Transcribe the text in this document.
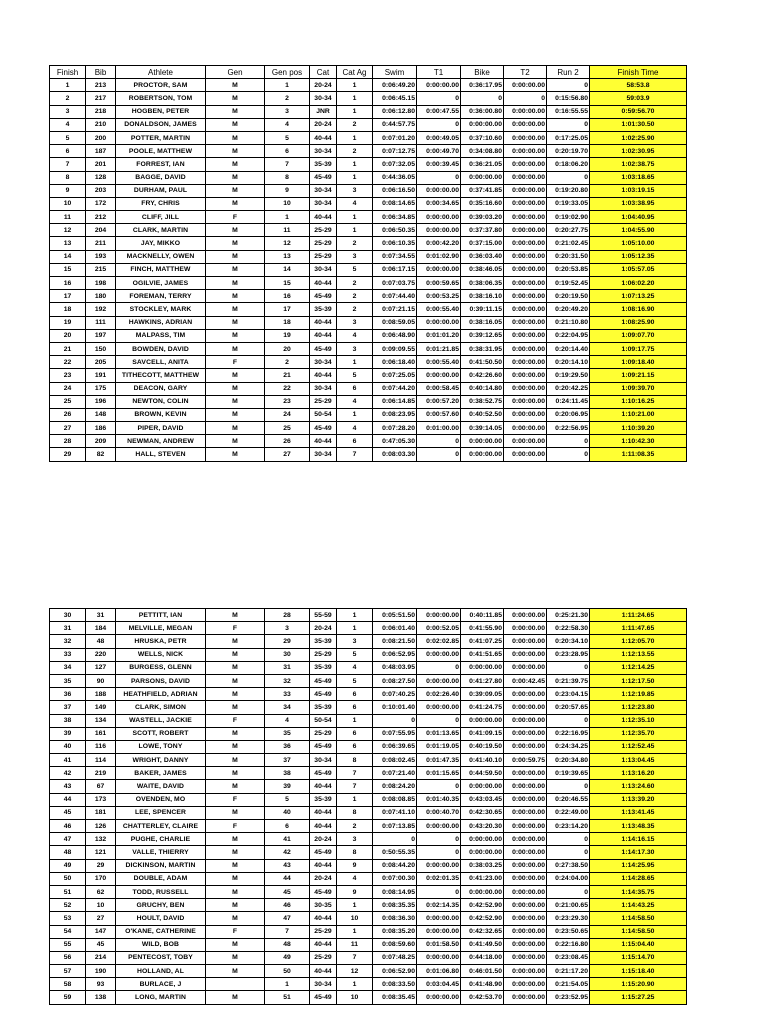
Finish	Bib	Athlete	Gen	Gen pos	Cat	Cat Ag	Swim	T1	Bike	T2	Run 2	Finish Time
1	213	PROCTOR, SAM	M	1	20-24	1	0:06:49.20	0:00:00.00	0:36:17.95	0:00:00.00	0	58:53.8
2	217	ROBERTSON, TOM	M	2	30-34	1	0:06:45.15	0	0	0	0:15:56.80	59:03.9
3	218	HOGBEN, PETER	M	3	JNR	1	0:06:12.80	0:00:47.55	0:36:00.80	0:00:00.00	0:16:55.55	0:59:56.70
4	210	DONALDSON, JAMES	M	4	20-24	2	0:44:57.75	0	0:00:00.00	0:00:00.00	0	1:01:30.50
5	200	POTTER, MARTIN	M	5	40-44	1	0:07:01.20	0:00:49.05	0:37:10.60	0:00:00.00	0:17:25.05	1:02:25.90
6	187	POOLE, MATTHEW	M	6	30-34	2	0:07:12.75	0:00:49.70	0:34:08.80	0:00:00.00	0:20:19.70	1:02:30.95
7	201	FORREST, IAN	M	7	35-39	1	0:07:32.05	0:00:39.45	0:36:21.05	0:00:00.00	0:18:06.20	1:02:38.75
8	128	BAGGE, DAVID	M	8	45-49	1	0:44:36.05	0	0:00:00.00	0:00:00.00	0	1:03:18.65
9	203	DURHAM, PAUL	M	9	30-34	3	0:06:16.50	0:00:00.00	0:37:41.85	0:00:00.00	0:19:20.80	1:03:19.15
10	172	FRY, CHRIS	M	10	30-34	4	0:08:14.65	0:00:34.65	0:35:16.60	0:00:00.00	0:19:33.05	1:03:38.95
11	212	CLIFF, JILL	F	1	40-44	1	0:06:34.85	0:00:00.00	0:39:03.20	0:00:00.00	0:19:02.90	1:04:40.95
12	204	CLARK, MARTIN	M	11	25-29	1	0:06:50.35	0:00:00.00	0:37:37.80	0:00:00.00	0:20:27.75	1:04:55.90
13	211	JAY, MIKKO	M	12	25-29	2	0:06:10.35	0:00:42.20	0:37:15.00	0:00:00.00	0:21:02.45	1:05:10.00
14	193	MACKNELLY, OWEN	M	13	25-29	3	0:07:34.55	0:01:02.90	0:36:03.40	0:00:00.00	0:20:31.50	1:05:12.35
15	215	FINCH, MATTHEW	M	14	30-34	5	0:06:17.15	0:00:00.00	0:38:46.05	0:00:00.00	0:20:53.85	1:05:57.05
16	198	OGILVIE, JAMES	M	15	40-44	2	0:07:03.75	0:00:59.65	0:38:06.35	0:00:00.00	0:19:52.45	1:06:02.20
17	180	FOREMAN, TERRY	M	16	45-49	2	0:07:44.40	0:00:53.25	0:38:16.10	0:00:00.00	0:20:19.50	1:07:13.25
18	192	STOCKLEY, MARK	M	17	35-39	2	0:07:21.15	0:00:55.40	0:39:11.15	0:00:00.00	0:20:49.20	1:08:16.90
19	111	HAWKINS, ADRIAN	M	18	40-44	3	0:08:59.05	0:00:00.00	0:38:16.05	0:00:00.00	0:21:10.80	1:08:25.90
20	197	MALPASS, TIM	M	19	40-44	4	0:06:48.90	0:01:01.20	0:39:12.65	0:00:00.00	0:22:04.95	1:09:07.70
21	150	BOWDEN, DAVID	M	20	45-49	3	0:09:09.55	0:01:21.85	0:38:31.95	0:00:00.00	0:20:14.40	1:09:17.75
22	205	SAVCELL, ANITA	F	2	30-34	1	0:06:18.40	0:00:55.40	0:41:50.50	0:00:00.00	0:20:14.10	1:09:18.40
23	191	TITHECOTT, MATTHEW	M	21	40-44	5	0:07:25.05	0:00:00.00	0:42:26.60	0:00:00.00	0:19:29.50	1:09:21.15
24	175	DEACON, GARY	M	22	30-34	6	0:07:44.20	0:00:58.45	0:40:14.80	0:00:00.00	0:20:42.25	1:09:39.70
25	196	NEWTON, COLIN	M	23	25-29	4	0:06:14.85	0:00:57.20	0:38:52.75	0:00:00.00	0:24:11.45	1:10:16.25
26	148	BROWN, KEVIN	M	24	50-54	1	0:08:23.95	0:00:57.60	0:40:52.50	0:00:00.00	0:20:06.95	1:10:21.00
27	186	PIPER, DAVID	M	25	45-49	4	0:07:28.20	0:01:00.00	0:39:14.05	0:00:00.00	0:22:56.95	1:10:39.20
28	209	NEWMAN, ANDREW	M	26	40-44	6	0:47:05.30	0	0:00:00.00	0:00:00.00	0	1:10:42.30
29	82	HALL, STEVEN	M	27	30-34	7	0:08:03.30	0	0:00:00.00	0:00:00.00	0	1:11:08.35
30	31	PETTITT, IAN	M	28	55-59	1	0:05:51.50	0:00:00.00	0:40:11.85	0:00:00.00	0:25:21.30	1:11:24.65
31	184	MELVILLE, MEGAN	F	3	20-24	1	0:06:01.40	0:00:52.05	0:41:55.90	0:00:00.00	0:22:58.30	1:11:47.65
32	48	HRUSKA, PETR	M	29	35-39	3	0:08:21.50	0:02:02.85	0:41:07.25	0:00:00.00	0:20:34.10	1:12:05.70
33	220	WELLS, NICK	M	30	25-29	5	0:06:52.95	0:00:00.00	0:41:51.65	0:00:00.00	0:23:28.95	1:12:13.55
34	127	BURGESS, GLENN	M	31	35-39	4	0:48:03.95	0	0:00:00.00	0:00:00.00	0	1:12:14.25
35	90	PARSONS, DAVID	M	32	45-49	5	0:08:27.50	0:00:00.00	0:41:27.80	0:00:42.45	0:21:39.75	1:12:17.50
36	188	HEATHFIELD, ADRIAN	M	33	45-49	6	0:07:40.25	0:02:26.40	0:39:09.05	0:00:00.00	0:23:04.15	1:12:19.85
37	149	CLARK, SIMON	M	34	35-39	6	0:10:01.40	0:00:00.00	0:41:24.75	0:00:00.00	0:20:57.65	1:12:23.80
38	134	WASTELL, JACKIE	F	4	50-54	1	0	0	0:00:00.00	0:00:00.00	0	1:12:35.10
39	161	SCOTT, ROBERT	M	35	25-29	6	0:07:55.95	0:01:13.65	0:41:09.15	0:00:00.00	0:22:16.95	1:12:35.70
40	116	LOWE, TONY	M	36	45-49	6	0:06:39.65	0:01:19.05	0:40:19.50	0:00:00.00	0:24:34.25	1:12:52.45
41	114	WRIGHT, DANNY	M	37	30-34	8	0:08:02.45	0:01:47.35	0:41:40.10	0:00:59.75	0:20:34.80	1:13:04.45
42	219	BAKER, JAMES	M	38	45-49	7	0:07:21.40	0:01:15.65	0:44:59.50	0:00:00.00	0:19:39.65	1:13:16.20
43	67	WAITE, DAVID	M	39	40-44	7	0:08:24.20	0	0:00:00.00	0:00:00.00	0	1:13:24.60
44	173	OVENDEN, MO	F	5	35-39	1	0:08:08.85	0:01:40.35	0:43:03.45	0:00:00.00	0:20:46.55	1:13:39.20
45	181	LEE, SPENCER	M	40	40-44	8	0:07:41.10	0:00:40.70	0:42:30.65	0:00:00.00	0:22:49.00	1:13:41.45
46	126	CHATTERLEY, CLAIRE	F	6	40-44	2	0:07:13.85	0:00:00.00	0:43:20.30	0:00:00.00	0:23:14.20	1:13:48.35
47	132	PUGHE, CHARLIE	M	41	20-24	3	0	0	0:00:00.00	0:00:00.00	0	1:14:16.15
48	121	VALLE, THIERRY	M	42	45-49	8	0:50:55.35	0	0:00:00.00	0:00:00.00	0	1:14:17.30
49	29	DICKINSON, MARTIN	M	43	40-44	9	0:08:44.20	0:00:00.00	0:38:03.25	0:00:00.00	0:27:38.50	1:14:25.95
50	170	DOUBLE, ADAM	M	44	20-24	4	0:07:00.30	0:02:01.35	0:41:23.00	0:00:00.00	0:24:04.00	1:14:28.65
51	62	TODD, RUSSELL	M	45	45-49	9	0:08:14.95	0	0:00:00.00	0:00:00.00	0	1:14:35.75
52	10	GRUCHY, BEN	M	46	30-35	1	0:08:35.35	0:02:14.35	0:42:52.90	0:00:00.00	0:21:00.65	1:14:43.25
53	27	HOULT, DAVID	M	47	40-44	10	0:08:36.30	0:00:00.00	0:42:52.90	0:00:00.00	0:23:29.30	1:14:58.50
54	147	O'KANE, CATHERINE	F	7	25-29	1	0:08:35.20	0:00:00.00	0:42:32.65	0:00:00.00	0:23:50.65	1:14:58.50
55	45	WILD, BOB	M	48	40-44	11	0:08:59.60	0:01:58.50	0:41:49.50	0:00:00.00	0:22:16.80	1:15:04.40
56	214	PENTECOST, TOBY	M	49	25-29	7	0:07:48.25	0:00:00.00	0:44:18.00	0:00:00.00	0:23:08.45	1:15:14.70
57	190	HOLLAND, AL	M	50	40-44	12	0:06:52.90	0:01:06.80	0:46:01.50	0:00:00.00	0:21:17.20	1:15:18.40
58	93	BURLACE, J		1	30-34	1	0:08:33.50	0:03:04.45	0:41:48.90	0:00:00.00	0:21:54.05	1:15:20.90
59	138	LONG, MARTIN	M	51	45-49	10	0:08:35.45	0:00:00.00	0:42:53.70	0:00:00.00	0:23:52.95	1:15:27.25
